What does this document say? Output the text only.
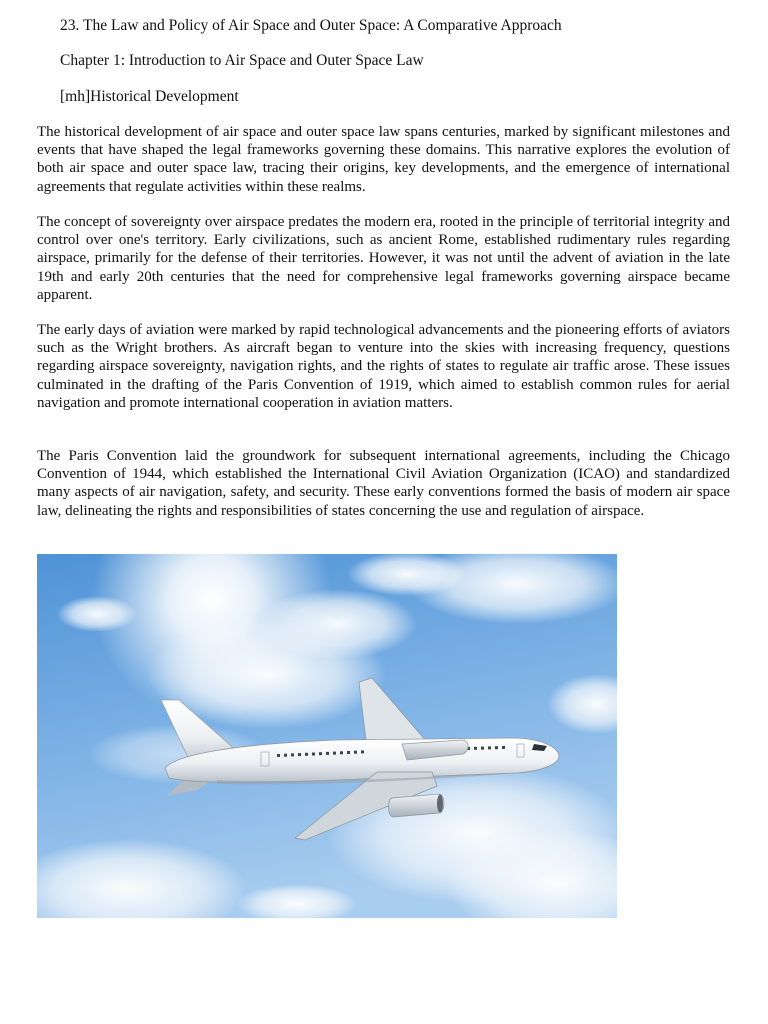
23. The Law and Policy of Air Space and Outer Space: A Comparative Approach
Chapter 1: Introduction to Air Space and Outer Space Law
[mh]Historical Development

The historical development of air space and outer space law spans centuries, marked by significant milestones and events that have shaped the legal frameworks governing these domains. This narrative explores the evolution of both air space and outer space law, tracing their origins, key developments, and the emergence of international agreements that regulate activities within these realms.

The concept of sovereignty over airspace predates the modern era, rooted in the principle of territorial integrity and control over one's territory. Early civilizations, such as ancient Rome, established rudimentary rules regarding airspace, primarily for the defense of their territories. However, it was not until the advent of aviation in the late 19th and early 20th centuries that the need for comprehensive legal frameworks governing airspace became apparent.

The early days of aviation were marked by rapid technological advancements and the pioneering efforts of aviators such as the Wright brothers. As aircraft began to venture into the skies with increasing frequency, questions regarding airspace sovereignty, navigation rights, and the rights of states to regulate air traffic arose. These issues culminated in the drafting of the Paris Convention of 1919, which aimed to establish common rules for aerial navigation and promote international cooperation in aviation matters.

The Paris Convention laid the groundwork for subsequent international agreements, including the Chicago Convention of 1944, which established the International Civil Aviation Organization (ICAO) and standardized many aspects of air navigation, safety, and security. These early conventions formed the basis of modern air space law, delineating the rights and responsibilities of states concerning the use and regulation of airspace.
